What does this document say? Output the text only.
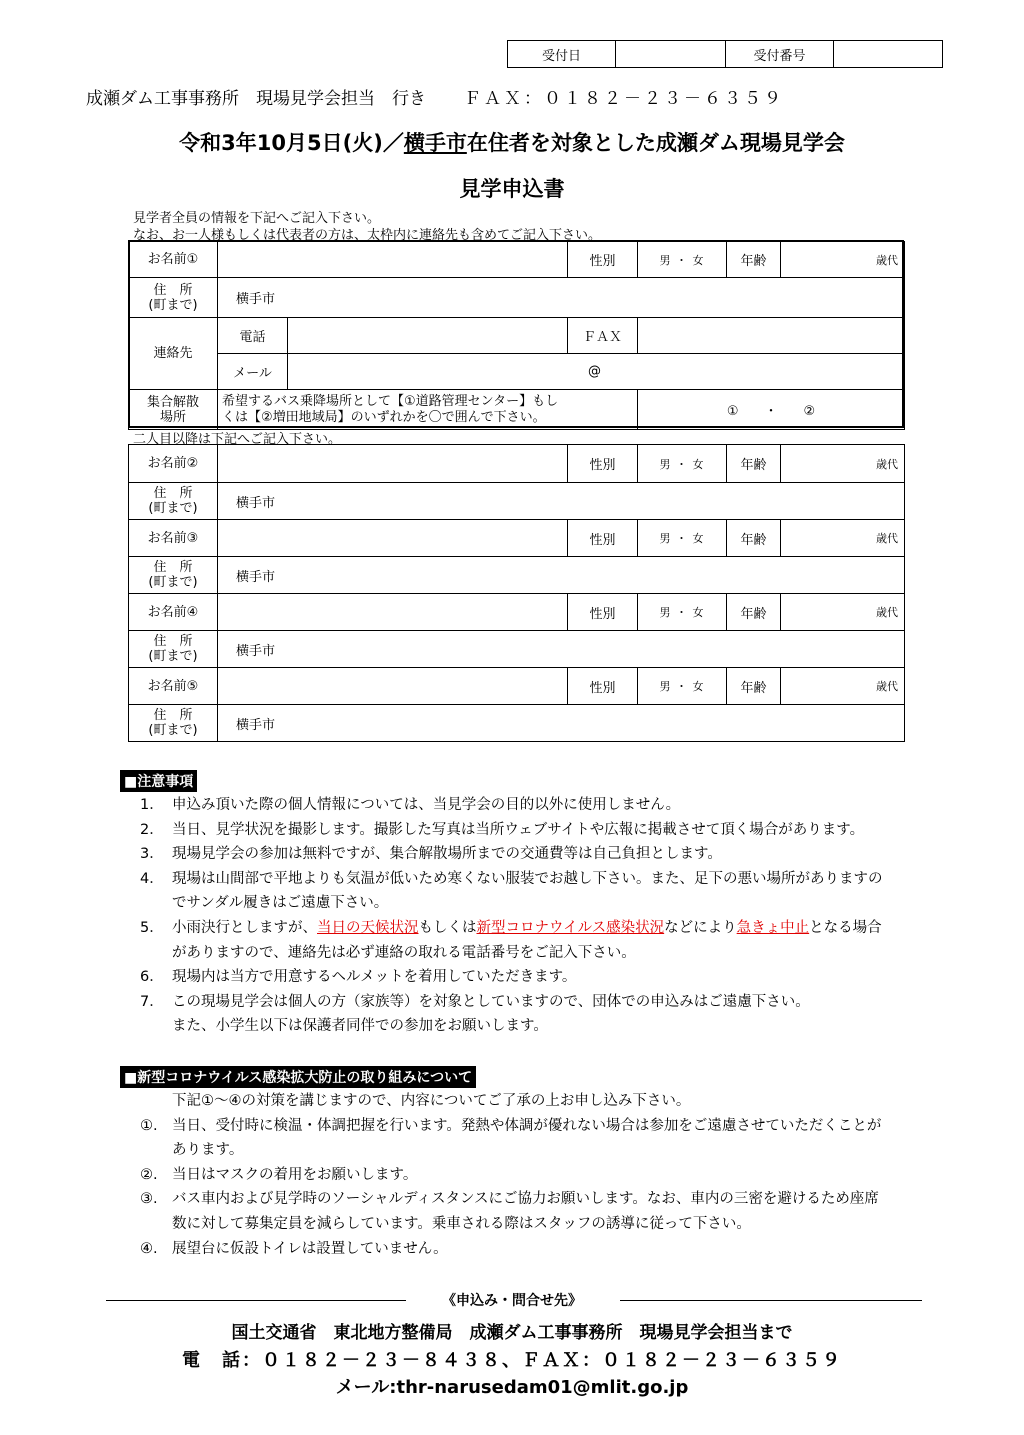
受付日	受付番号
成瀬ダム工事事務所　現場見学会担当　行き ＦＡＸ：０１８２－２３－６３５９
令和3年10月5日(火)／横手市在住者を対象とした成瀬ダム現場見学会
見学申込書
見学者全員の情報を下記へご記入下さい。
なお、お一人様もしくは代表者の方は、太枠内に連絡先も含めてご記入下さい。
お名前①			性別	男 ・ 女	年齢	歳代
住　所
(町まで)	横手市					
連絡先	電話		ＦＡＸ			
	メール	@				
集合解散
場所	希望するバス乗降場所として【①道路管理センター】もし
くは【②増田地域局】のいずれかを〇で囲んで下さい。			①　　・　　②		
二人目以降は下記へご記入下さい。
お名前②		性別	男 ・ 女	年齢	歳代
住　所
(町まで)	横手市				
お名前③		性別	男 ・ 女	年齢	歳代
住　所
(町まで)	横手市				
お名前④		性別	男 ・ 女	年齢	歳代
住　所
(町まで)	横手市				
お名前⑤		性別	男 ・ 女	年齢	歳代
住　所
(町まで)	横手市				
■注意事項
1． 申込み頂いた際の個人情報については、当見学会の目的以外に使用しません。
2． 当日、見学状況を撮影します。撮影した写真は当所ウェブサイトや広報に掲載させて頂く場合があります。
3． 現場見学会の参加は無料ですが、集合解散場所までの交通費等は自己負担とします。
4． 現場は山間部で平地よりも気温が低いため寒くない服装でお越し下さい。また、足下の悪い場所がありますの
でサンダル履きはご遠慮下さい。
5． 小雨決行としますが、当日の天候状況もしくは新型コロナウイルス感染状況などにより急きょ中止となる場合
がありますので、連絡先は必ず連絡の取れる電話番号をご記入下さい。
6． 現場内は当方で用意するヘルメットを着用していただきます。
7． この現場見学会は個人の方（家族等）を対象としていますので、団体での申込みはご遠慮下さい。
また、小学生以下は保護者同伴での参加をお願いします。
■新型コロナウイルス感染拡大防止の取り組みについて
下記①～④の対策を講じますので、内容についてご了承の上お申し込み下さい。
①. 当日、受付時に検温・体調把握を行います。発熱や体調が優れない場合は参加をご遠慮させていただくことが
あります。
②. 当日はマスクの着用をお願いします。
③. バス車内および見学時のソーシャルディスタンスにご協力お願いします。なお、車内の三密を避けるため座席
数に対して募集定員を減らしています。乗車される際はスタッフの誘導に従って下さい。
④. 展望台に仮設トイレは設置していません。
《申込み・問合せ先》
国土交通省　東北地方整備局　成瀬ダム工事事務所　現場見学会担当まで
電　話：０１８２－２３－８４３８、ＦＡＸ：０１８２－２３－６３５９
メール:thr-narusedam01@mlit.go.jp
